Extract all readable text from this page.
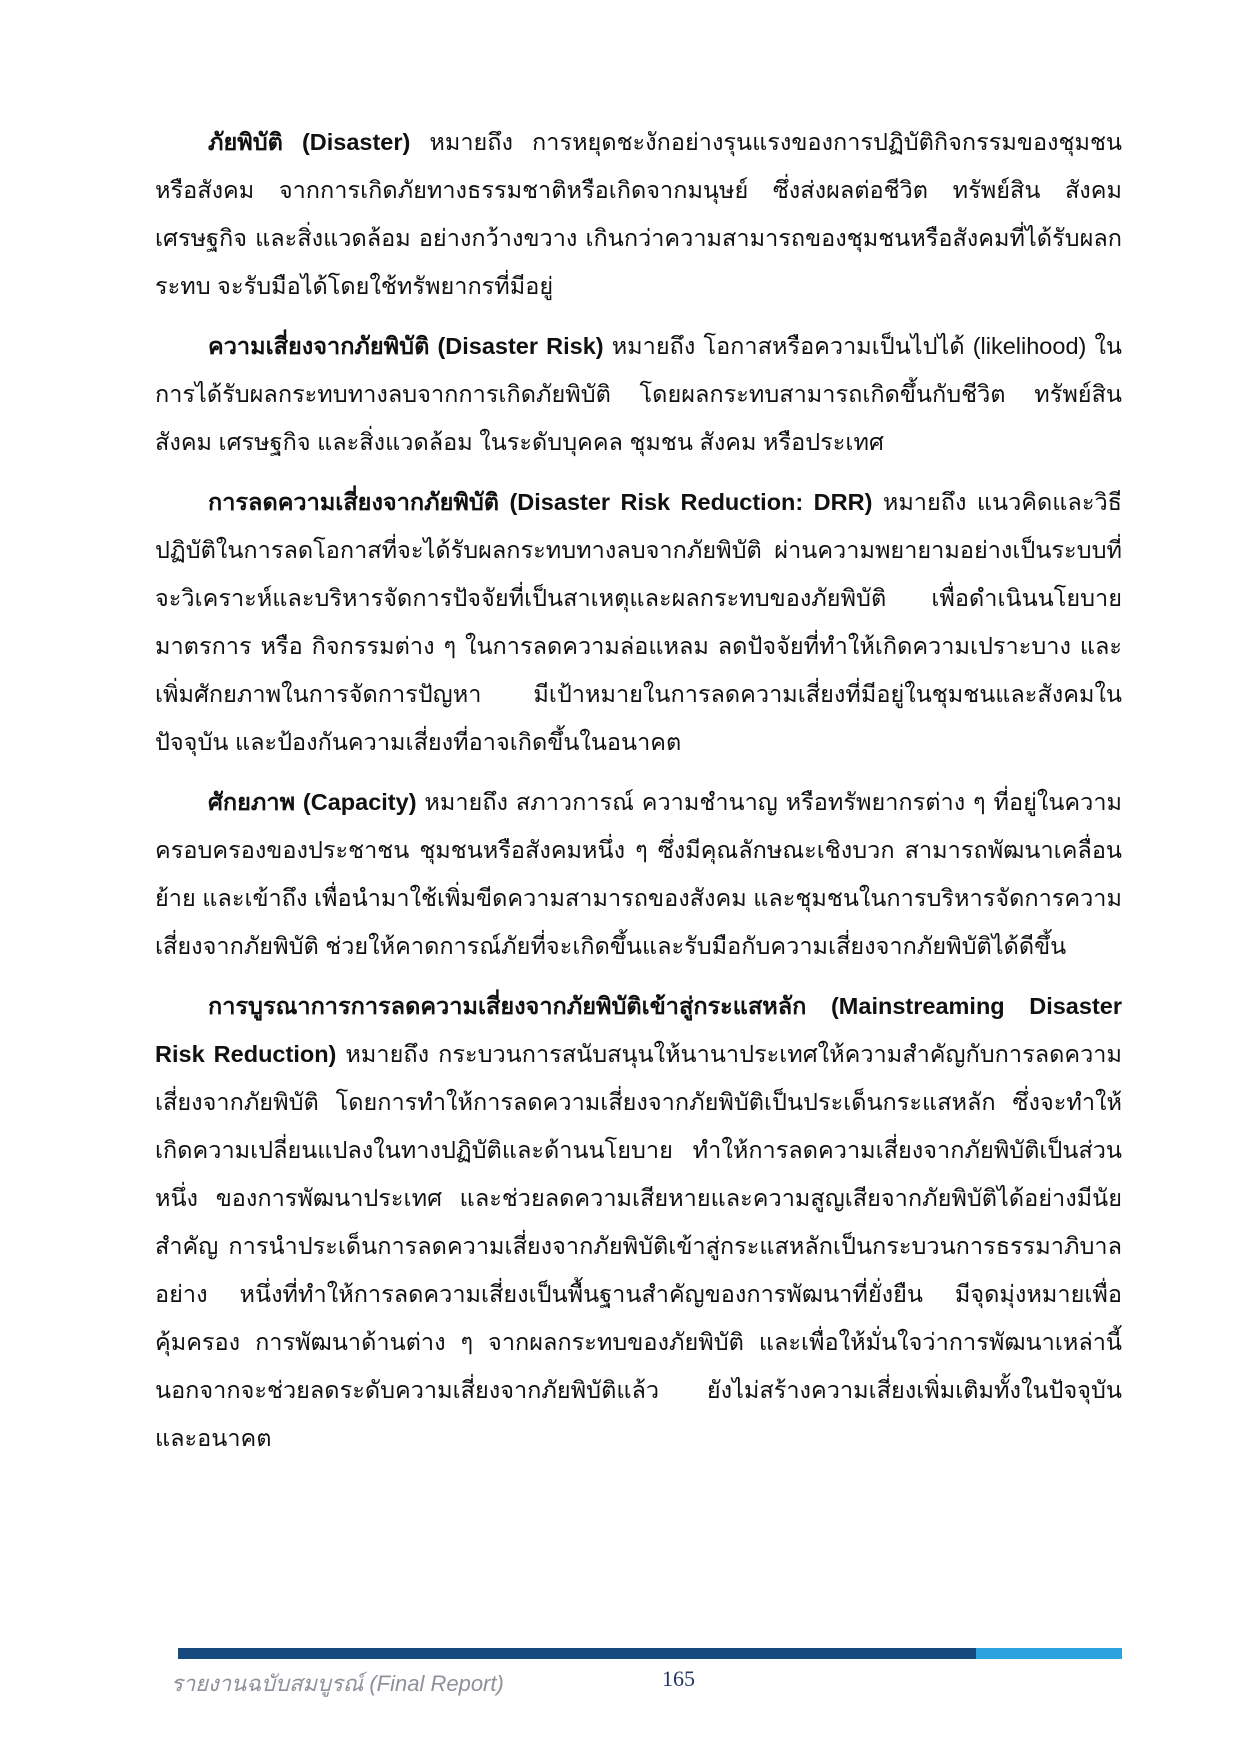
ภัยพิบัติ (Disaster) หมายถึง การหยุดชะงักอย่างรุนแรงของการปฏิบัติกิจกรรมของชุมชนหรือสังคม จากการเกิดภัยทางธรรมชาติหรือเกิดจากมนุษย์ ซึ่งส่งผลต่อชีวิต ทรัพย์สิน สังคม เศรษฐกิจ และสิ่งแวดล้อม อย่างกว้างขวาง เกินกว่าความสามารถของชุมชนหรือสังคมที่ได้รับผลกระทบ จะรับมือได้โดยใช้ทรัพยากรที่มีอยู่

ความเสี่ยงจากภัยพิบัติ (Disaster Risk) หมายถึง โอกาสหรือความเป็นไปได้ (likelihood) ในการได้รับผลกระทบทางลบจากการเกิดภัยพิบัติ โดยผลกระทบสามารถเกิดขึ้นกับชีวิต ทรัพย์สิน สังคม เศรษฐกิจ และสิ่งแวดล้อม ในระดับบุคคล ชุมชน สังคม หรือประเทศ

การลดความเสี่ยงจากภัยพิบัติ (Disaster Risk Reduction: DRR) หมายถึง แนวคิดและวิธีปฏิบัติในการลดโอกาสที่จะได้รับผลกระทบทางลบจากภัยพิบัติ ผ่านความพยายามอย่างเป็นระบบที่จะวิเคราะห์และบริหารจัดการปัจจัยที่เป็นสาเหตุและผลกระทบของภัยพิบัติ เพื่อดำเนินนโยบาย มาตรการ หรือ กิจกรรมต่าง ๆ ในการลดความล่อแหลม ลดปัจจัยที่ทำให้เกิดความเปราะบาง และเพิ่มศักยภาพในการจัดการปัญหา มีเป้าหมายในการลดความเสี่ยงที่มีอยู่ในชุมชนและสังคมในปัจจุบัน และป้องกันความเสี่ยงที่อาจเกิดขึ้นในอนาคต

ศักยภาพ (Capacity) หมายถึง สภาวการณ์ ความชำนาญ หรือทรัพยากรต่าง ๆ ที่อยู่ในความครอบครองของประชาชน ชุมชนหรือสังคมหนึ่ง ๆ ซึ่งมีคุณลักษณะเชิงบวก สามารถพัฒนาเคลื่อนย้าย และเข้าถึง เพื่อนำมาใช้เพิ่มขีดความสามารถของสังคม และชุมชนในการบริหารจัดการความเสี่ยงจากภัยพิบัติ ช่วยให้คาดการณ์ภัยที่จะเกิดขึ้นและรับมือกับความเสี่ยงจากภัยพิบัติได้ดีขึ้น

การบูรณาการการลดความเสี่ยงจากภัยพิบัติเข้าสู่กระแสหลัก (Mainstreaming Disaster Risk Reduction) หมายถึง กระบวนการสนับสนุนให้นานาประเทศให้ความสำคัญกับการลดความเสี่ยงจากภัยพิบัติ โดยการทำให้การลดความเสี่ยงจากภัยพิบัติเป็นประเด็นกระแสหลัก ซึ่งจะทำให้เกิดความเปลี่ยนแปลงในทางปฏิบัติและด้านนโยบาย ทำให้การลดความเสี่ยงจากภัยพิบัติเป็นส่วนหนึ่ง ของการพัฒนาประเทศ และช่วยลดความเสียหายและความสูญเสียจากภัยพิบัติได้อย่างมีนัยสำคัญ การนำประเด็นการลดความเสี่ยงจากภัยพิบัติเข้าสู่กระแสหลักเป็นกระบวนการธรรมาภิบาลอย่าง หนึ่งที่ทำให้การลดความเสี่ยงเป็นพื้นฐานสำคัญของการพัฒนาที่ยั่งยืน มีจุดมุ่งหมายเพื่อคุ้มครอง การพัฒนาด้านต่าง ๆ จากผลกระทบของภัยพิบัติ และเพื่อให้มั่นใจว่าการพัฒนาเหล่านี้ นอกจากจะช่วยลดระดับความเสี่ยงจากภัยพิบัติแล้ว ยังไม่สร้างความเสี่ยงเพิ่มเติมทั้งในปัจจุบันและอนาคต

รายงานฉบับสมบูรณ์ (Final Report)	165
